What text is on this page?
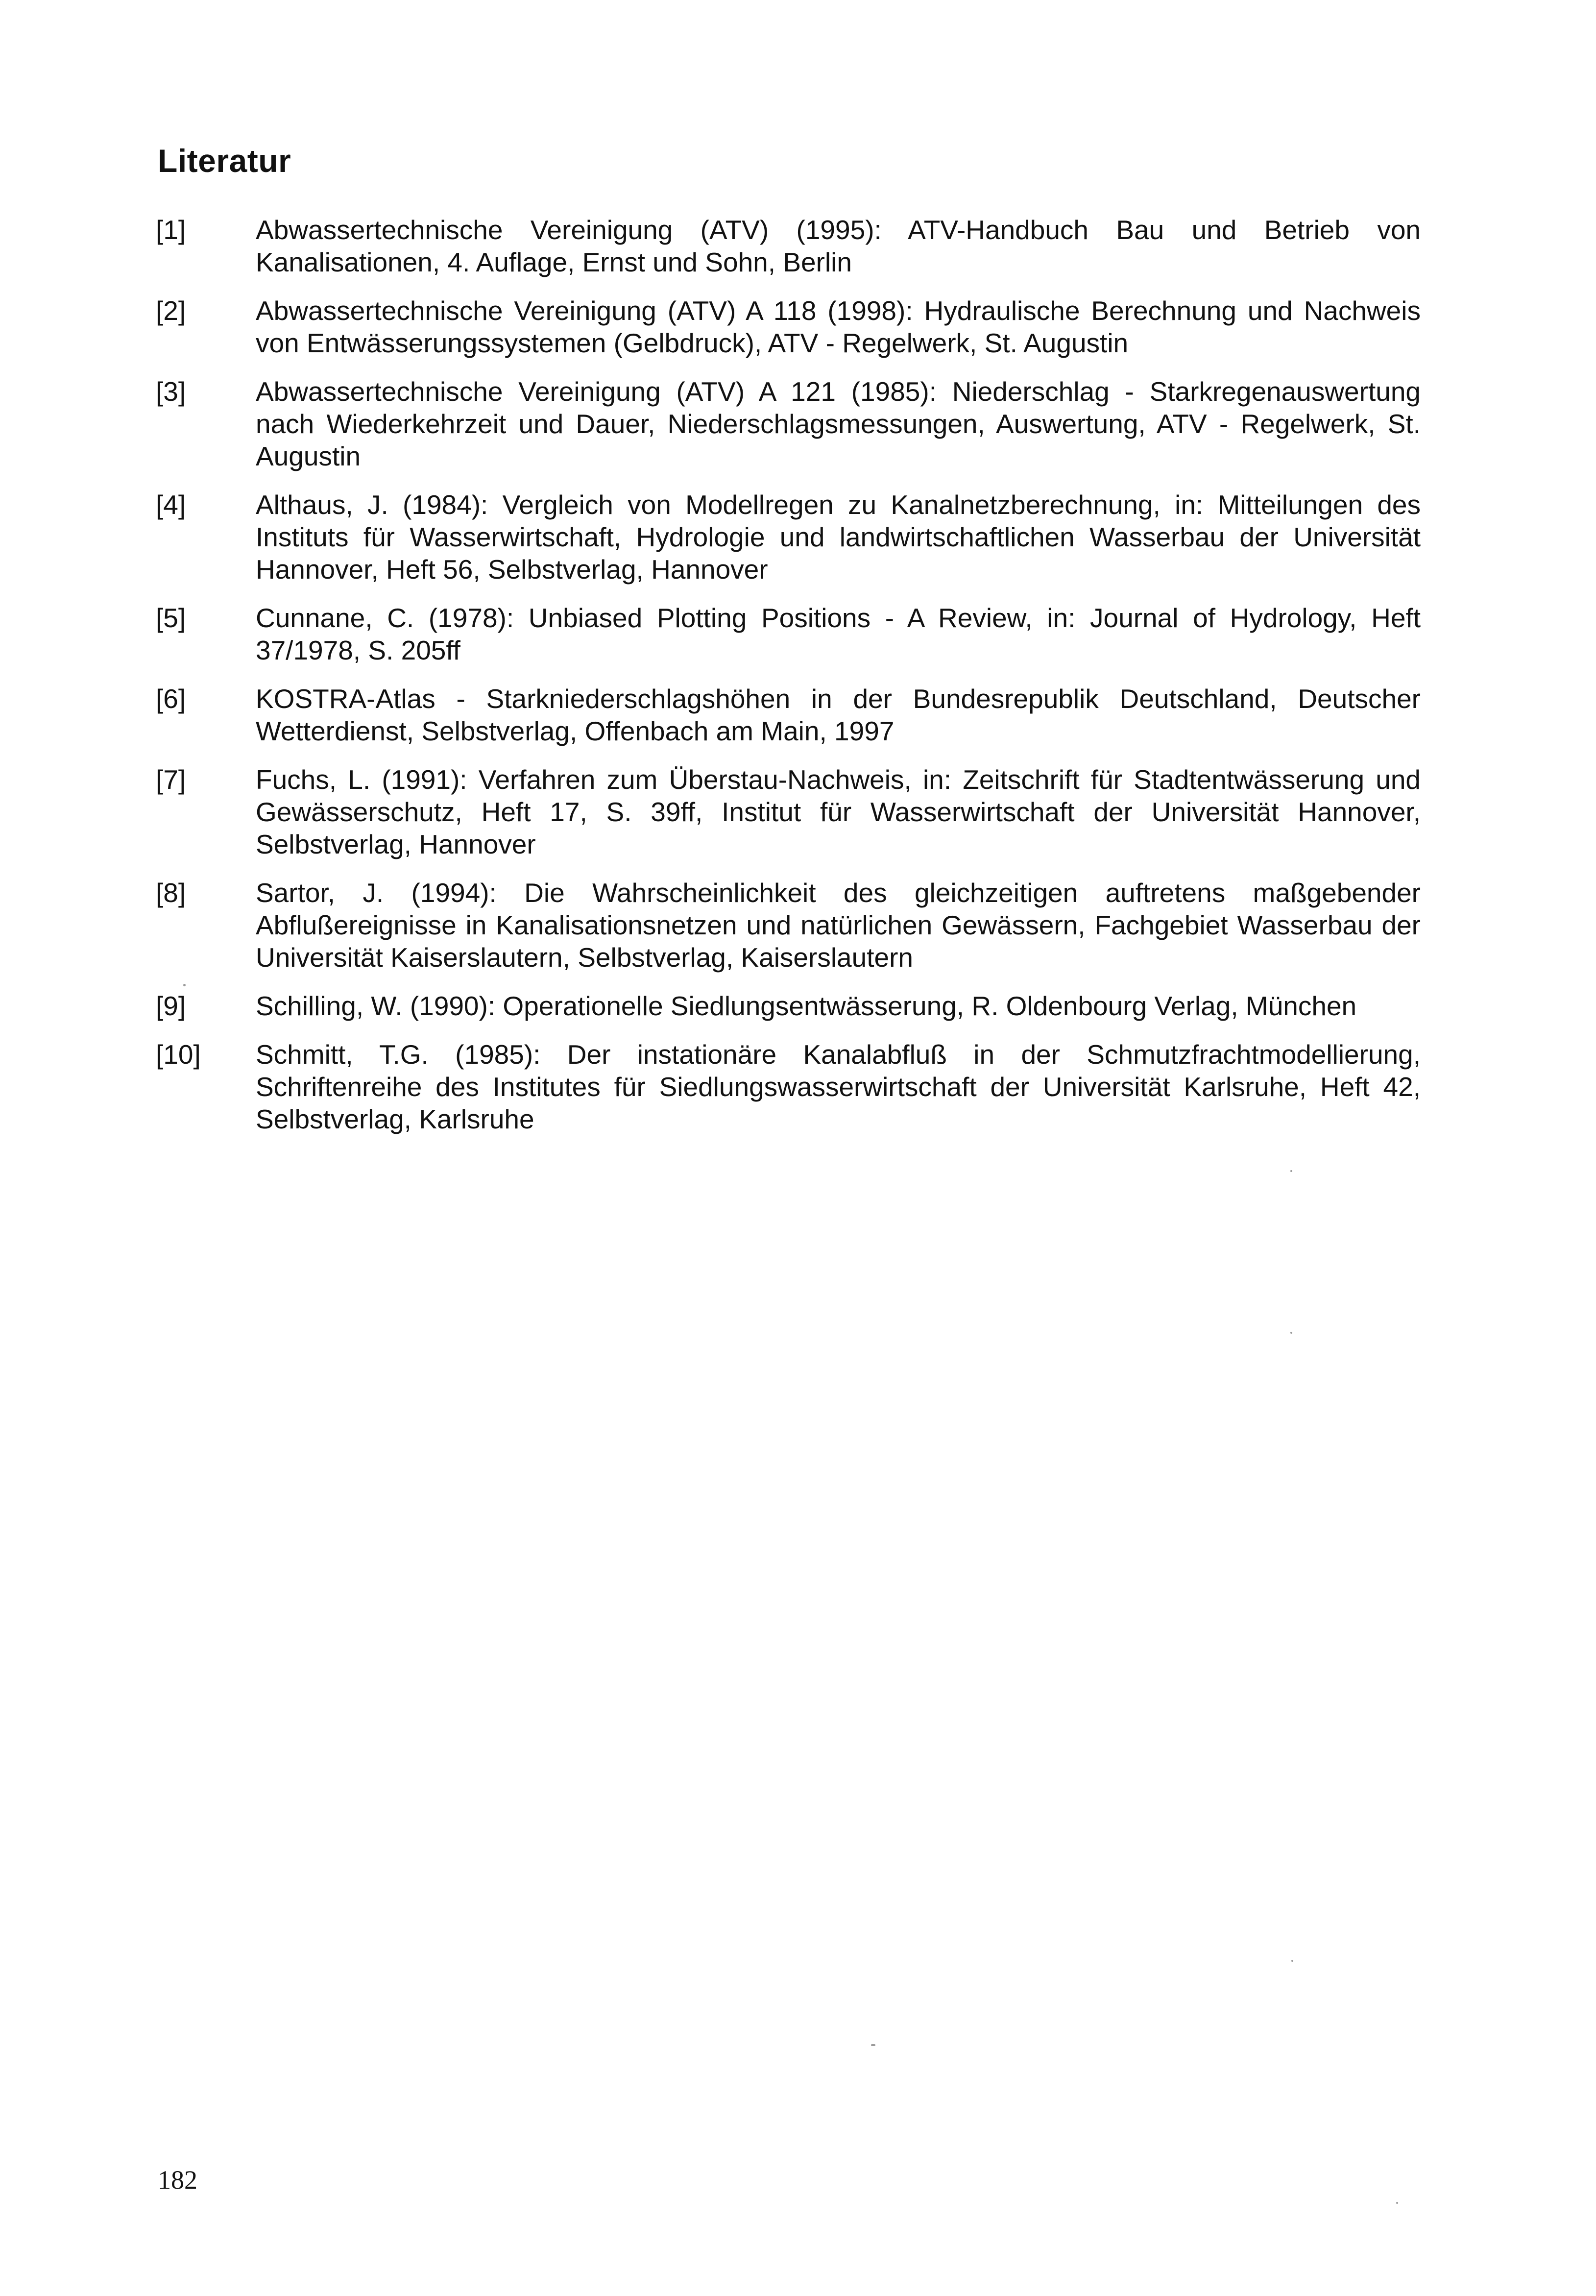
Literatur
[1]	Abwassertechnische Vereinigung (ATV) (1995): ATV-Handbuch Bau und Betrieb von Kanalisationen, 4. Auflage, Ernst und Sohn, Berlin
[2]	Abwassertechnische Vereinigung (ATV) A 118 (1998): Hydraulische Berechnung und Nachweis von Entwässerungssystemen (Gelbdruck), ATV - Regelwerk, St. Augustin
[3]	Abwassertechnische Vereinigung (ATV) A 121 (1985): Niederschlag - Starkregenauswertung nach Wiederkehrzeit und Dauer, Niederschlagsmessungen, Auswertung, ATV - Regelwerk, St. Augustin
[4]	Althaus, J. (1984): Vergleich von Modellregen zu Kanalnetzberechnung, in: Mitteilungen des Instituts für Wasserwirtschaft, Hydrologie und landwirtschaftlichen Wasserbau der Universität Hannover, Heft 56, Selbstverlag, Hannover
[5]	Cunnane, C. (1978): Unbiased Plotting Positions - A Review, in: Journal of Hydrology, Heft 37/1978, S. 205ff
[6]	KOSTRA-Atlas - Starkniederschlagshöhen in der Bundesrepublik Deutschland, Deutscher Wetterdienst, Selbstverlag, Offenbach am Main, 1997
[7]	Fuchs, L. (1991): Verfahren zum Überstau-Nachweis, in: Zeitschrift für Stadtentwässerung und Gewässerschutz, Heft 17, S. 39ff, Institut für Wasserwirtschaft der Universität Hannover, Selbstverlag, Hannover
[8]	Sartor, J. (1994): Die Wahrscheinlichkeit des gleichzeitigen auftretens maßgebender Abflußereignisse in Kanalisationsnetzen und natürlichen Gewässern, Fachgebiet Wasserbau der Universität Kaiserslautern, Selbstverlag, Kaiserslautern
[9]	Schilling, W. (1990): Operationelle Siedlungsentwässerung, R. Oldenbourg Verlag, München
[10]	Schmitt, T.G. (1985): Der instationäre Kanalabfluß in der Schmutzfrachtmodellierung, Schriftenreihe des Institutes für Siedlungswasserwirtschaft der Universität Karlsruhe, Heft 42, Selbstverlag, Karlsruhe
182
